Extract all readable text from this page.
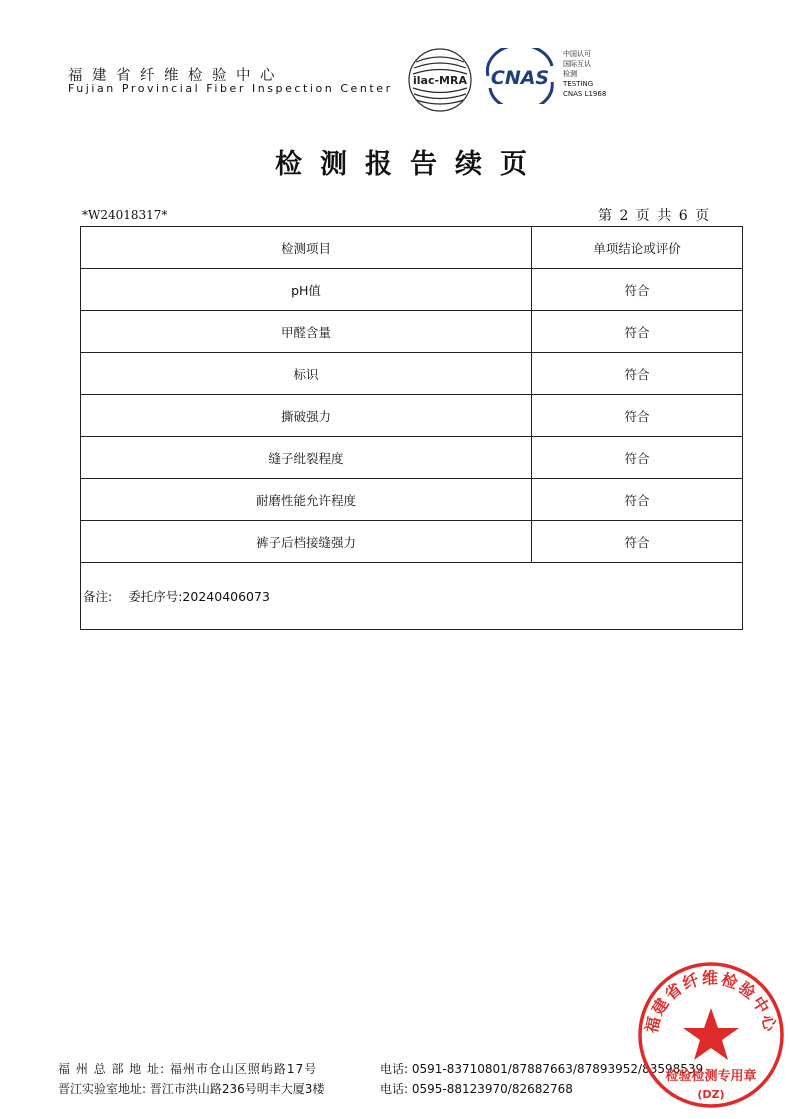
福建省纤维检验中心
Fujian Provincial Fiber Inspection Center
ilac-MRA CNAS
中国认可
国际互认
检测
TESTING
CNAS L1968
检测报告续页
*W24018317*	第 2 页 共 6 页
检测项目	单项结论或评价
pH值	符合
甲醛含量	符合
标识	符合
撕破强力	符合
缝子纰裂程度	符合
耐磨性能允许程度	符合
裤子后档接缝强力	符合
备注: 委托序号:20240406073	
福 州 总 部 地 址: 福州市仓山区照屿路17号	电话: 0591-83710801/87887663/87893952/83598539
晋江实验室地址: 晋江市洪山路236号明丰大厦3楼	电话: 0595-88123970/82682768
福建省纤维检验中心
检验检测专用章
(DZ)
